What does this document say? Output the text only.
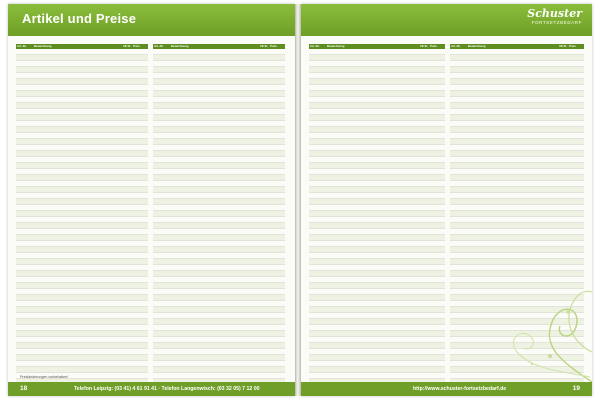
Artikel und Preise
Art.-Nr.	Bezeichnung	VE St.	Preis

				Art.-Nr.	Bezeichnung	VE St.	Preis

Preisänderungen vorbehalten!
18	Telefon Leipzig: (03 41) 4 61 91 41 · Telefon Langenwisch: (03 32 05) 7 12 00
Schuster
FORTSETZBEDARF
Art.-Nr.	Bezeichnung	VE St.	Preis

				Art.-Nr.	Bezeichnung	VE St.	Preis

http://www.schuster-fortsetzbedarf.de	19
